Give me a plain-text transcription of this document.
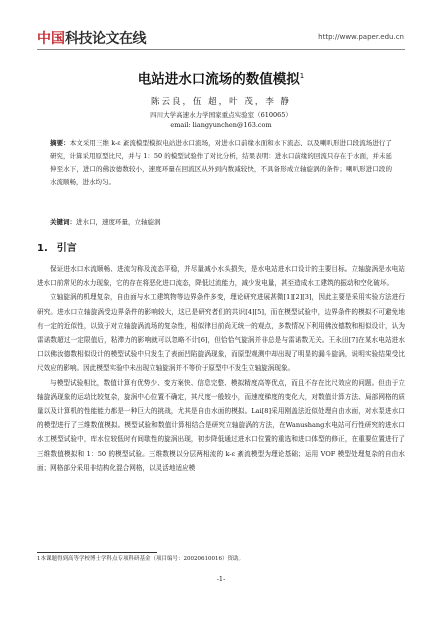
中国科技论文在线	http://www.paper.edu.cn
电站进水口流场的数值模拟$^1$
陈云良，伍 超，叶 茂，李 静
四川大学高速水力学国家重点实验室（610065）
email: liangyunchen@163.com

摘要：本文采用三维 k-ε 紊流模型模拟电站进水口流场，对进水口前缘水面和水下流态、以及喇叭形进口段流场进行了研究，计算采用原型比尺，并与 1：50 的模型试验作了对比分析，结果表明：进水口前缘的回流只存在于水面，并未延伸至水下，进口的佛汝德数较小，速度环量在回流区从外到内数减较快，不具备形成立轴旋涡的条件；喇叭形进口段的水流顺畅，进水均匀。

关键词：进水口，速度环量，立轴旋涡

1. 引言

保证进水口水流顺畅、进流匀称及流态平稳，并尽量减小水头损失，是水电站进水口设计的主要目标。立轴旋涡是水电站进水口前常见的水力现象，它的存在将恶化进口流态，降低过流能力，减少发电量，甚至造成水工建筑的振动和空化破坏。

立轴旋涡的机理复杂，自由面与水工建筑物等边界条件多变，理论研究进展甚微[1][2][3]，因此主要是采用实验方法进行研究。进水口立轴旋涡受边界条件的影响较大，这已是研究者们的共识[4][5]，而在模型试验中，边界条件的模拟不可避免地有一定的近似性，以致于对立轴旋涡流场的复杂性，相似律目前尚无统一的观点，多数情况下利用佛汝德数和相似设计，认为雷诺数超过一定限值后，粘滞力的影响就可以忽略不计[6]，但恰恰气旋涡并非总是与雷诺数无关。王永田[7]在某水电站进水口以佛汝德数相似设计的模型试验中只发生了表面凹陷旋涡现象，而原型观测中却出现了明显的漏斗旋涡，说明实验结果受比尺效应的影响。因此模型实验中未出现立轴旋涡并不等价于原型中不发生立轴旋涡现象。

与模型试验相比，数值计算有优势少、变方案快、信息完整、模拟精度高等优点，而且不存在比尺效应的问题。但由于立轴旋涡现象的运动比较复杂，旋涡中心位置不确定，其尺度一般较小，而速度梯度的变化大，对数值计算方法、局部网格的质量以及计算机的性能能力都是一种巨大的挑战，尤其是自由水面的模拟。Lai[8]采用刚盖法近似处理自由水面，对水泵进水口的模型进行了三维数值模拟。模型试验和数值计算相结合是研究立轴旋涡的方法，在Wanushang水电站可行性研究的进水口水工模型试验中，库水位较低时有间歇性的旋涡出现，初步降低通过进水口位置的重选和进口体型的修正，在重要位置进行了三维数值模拟和 1：50 的模型试验。三维数模以分层两相流的 k-ε 紊流模型为理论基础；运用 VOF 模型处理复杂的自由水面；网格部分采用非结构化混合网格，以灵活地适应模

1本课题得到高等学校博士学科点专项科研基金（项目编号：20020610016）资助。
-1-
